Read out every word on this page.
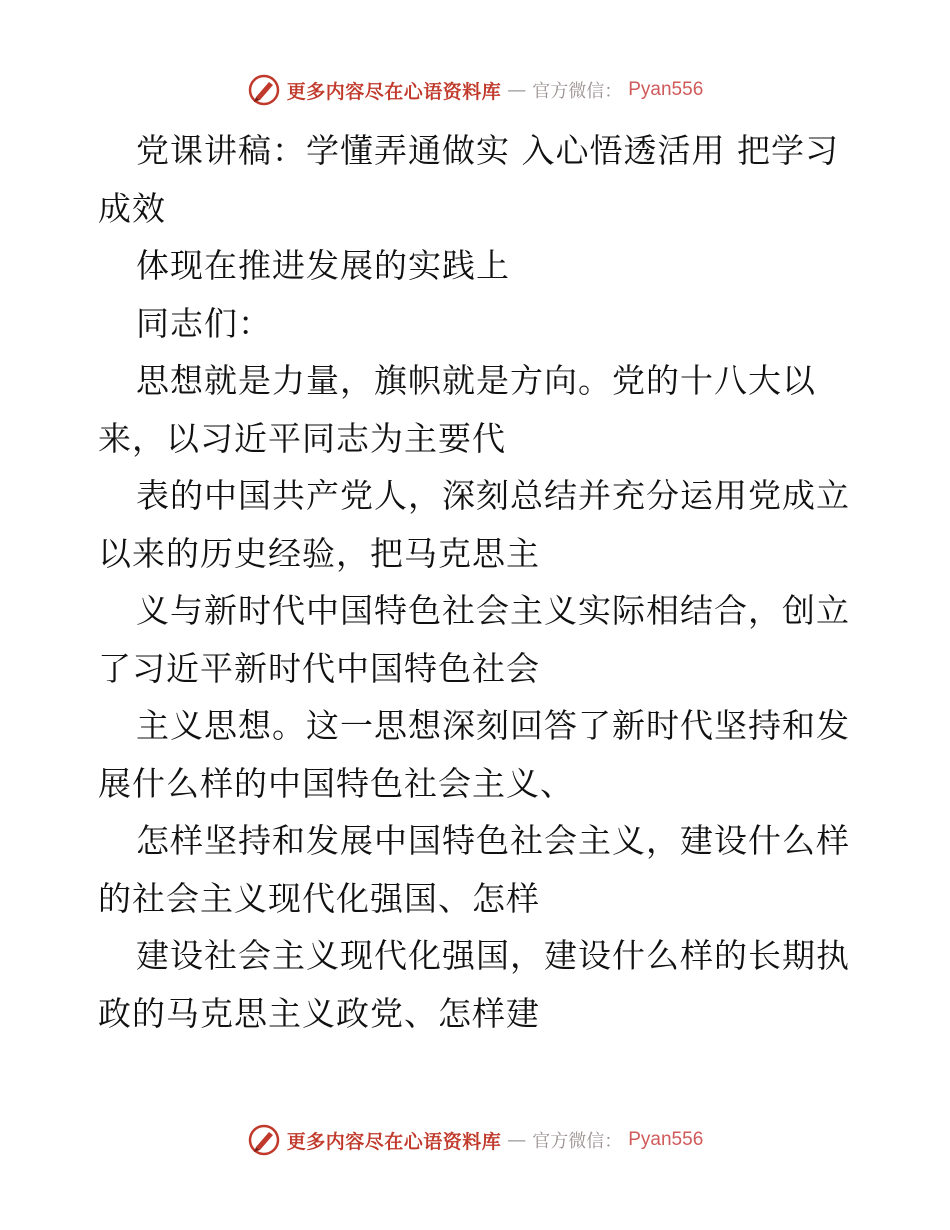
更多内容尽在心语资料库 — 官方微信： Pyan556
党课讲稿：学懂弄通做实 入心悟透活用 把学习
成效
体现在推进发展的实践上
同志们：
思想就是力量，旗帜就是方向。党的十八大以
来，以习近平同志为主要代
表的中国共产党人，深刻总结并充分运用党成立
以来的历史经验，把马克思主
义与新时代中国特色社会主义实际相结合，创立
了习近平新时代中国特色社会
主义思想。这一思想深刻回答了新时代坚持和发
展什么样的中国特色社会主义、
怎样坚持和发展中国特色社会主义，建设什么样
的社会主义现代化强国、怎样
建设社会主义现代化强国，建设什么样的长期执
政的马克思主义政党、怎样建
更多内容尽在心语资料库 — 官方微信： Pyan556
